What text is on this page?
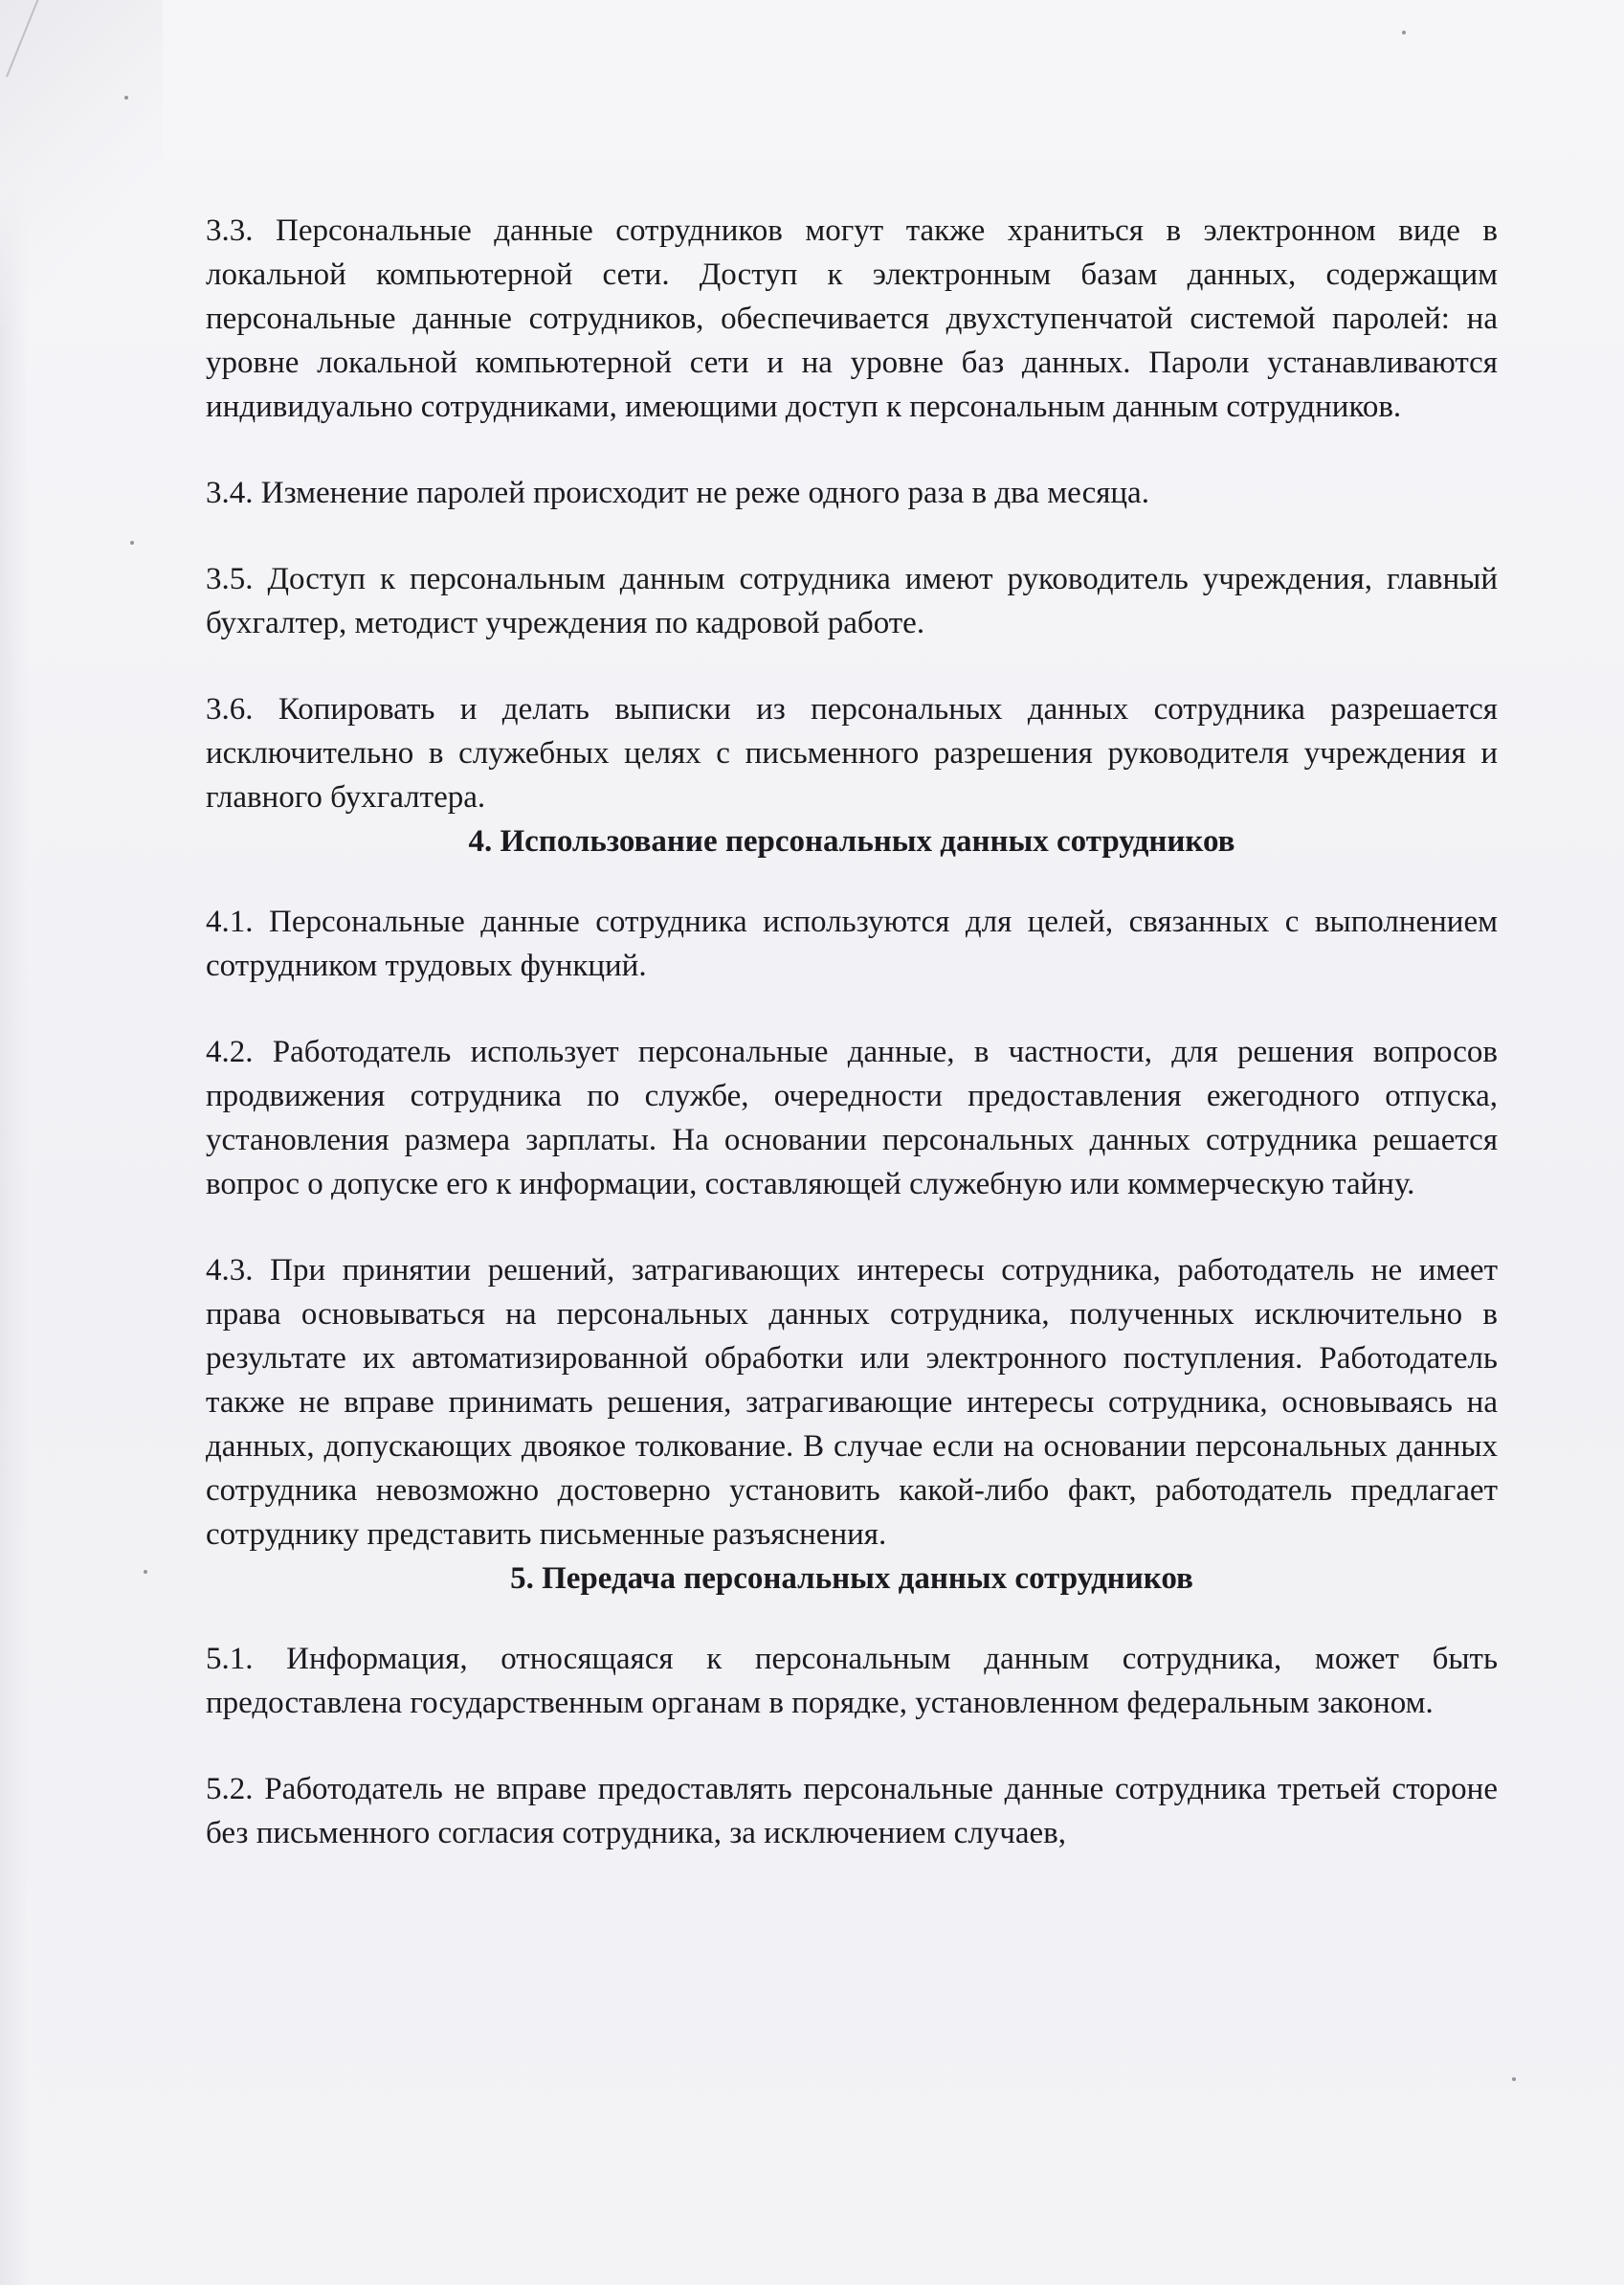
3.3. Персональные данные сотрудников могут также храниться в электронном виде в локальной компьютерной сети. Доступ к электронным базам данных, содержащим персональные данные сотрудников, обеспечивается двухступенчатой системой паролей: на уровне локальной компьютерной сети и на уровне баз данных. Пароли устанавливаются индивидуально сотрудниками, имеющими доступ к персональным данным сотрудников.

3.4. Изменение паролей происходит не реже одного раза в два месяца.

3.5. Доступ к персональным данным сотрудника имеют руководитель учреждения, главный бухгалтер, методист учреждения по кадровой работе.

3.6. Копировать и делать выписки из персональных данных сотрудника разрешается исключительно в служебных целях с письменного разрешения руководителя учреждения и главного бухгалтера.

4. Использование персональных данных сотрудников

4.1. Персональные данные сотрудника используются для целей, связанных с выполнением сотрудником трудовых функций.

4.2. Работодатель использует персональные данные, в частности, для решения вопросов продвижения сотрудника по службе, очередности предоставления ежегодного отпуска, установления размера зарплаты. На основании персональных данных сотрудника решается вопрос о допуске его к информации, составляющей служебную или коммерческую тайну.

4.3. При принятии решений, затрагивающих интересы сотрудника, работодатель не имеет права основываться на персональных данных сотрудника, полученных исключительно в результате их автоматизированной обработки или электронного поступления. Работодатель также не вправе принимать решения, затрагивающие интересы сотрудника, основываясь на данных, допускающих двоякое толкование. В случае если на основании персональных данных сотрудника невозможно достоверно установить какой-либо факт, работодатель предлагает сотруднику представить письменные разъяснения.

5. Передача персональных данных сотрудников

5.1. Информация, относящаяся к персональным данным сотрудника, может быть предоставлена государственным органам в порядке, установленном федеральным законом.

5.2. Работодатель не вправе предоставлять персональные данные сотрудника третьей стороне без письменного согласия сотрудника, за исключением случаев,
